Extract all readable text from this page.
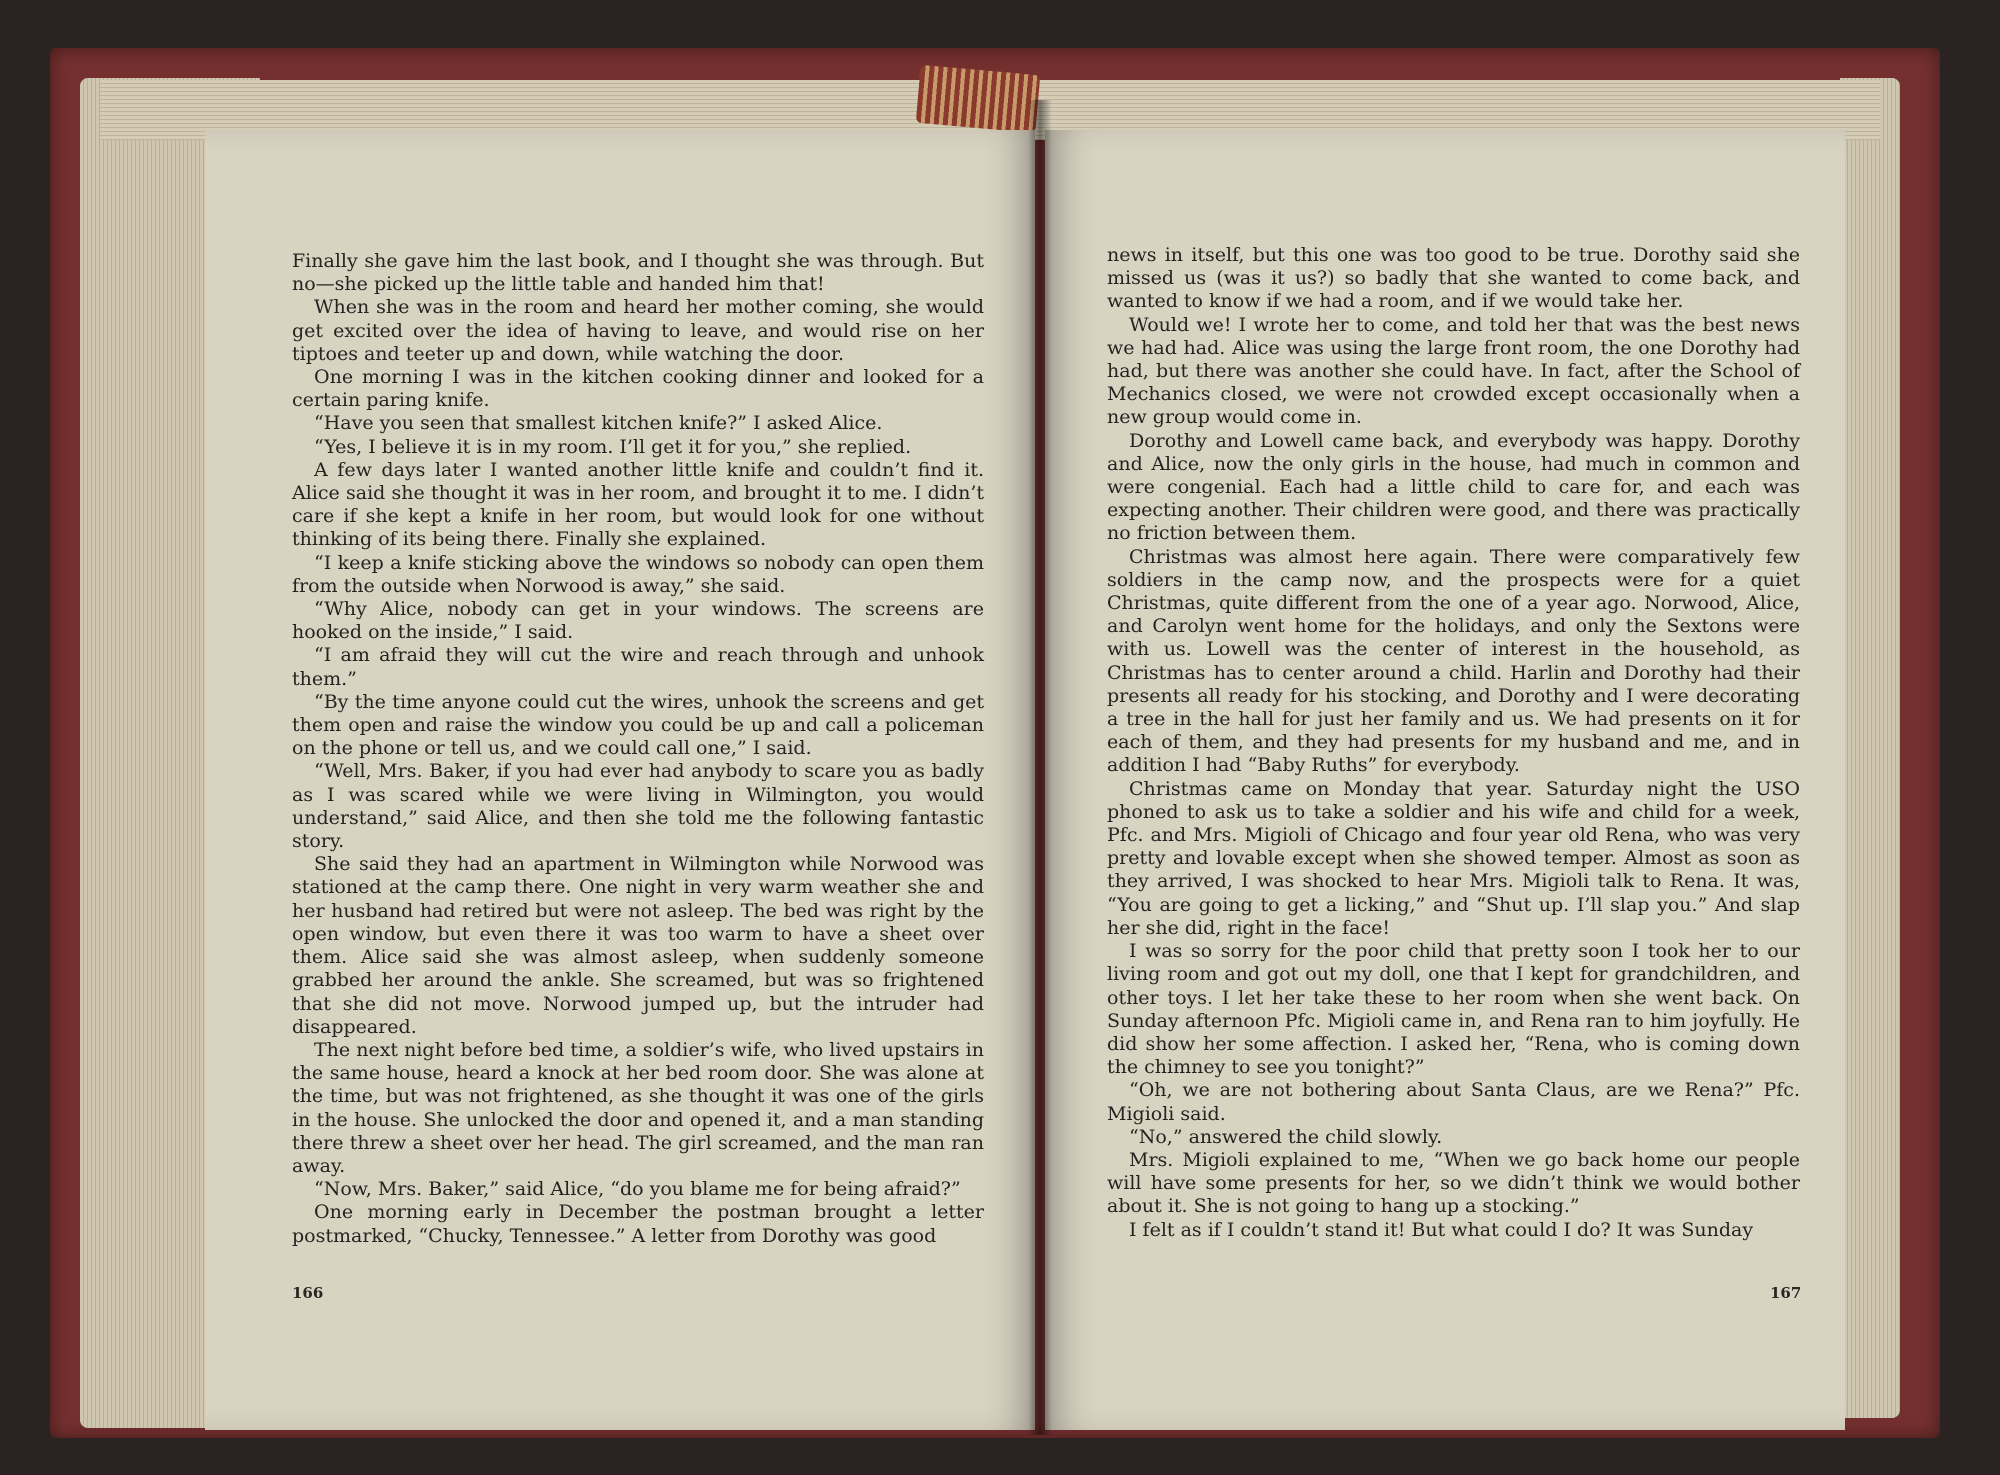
Finally she gave him the last book, and I thought she was through. But no—she picked up the little table and handed him that!

When she was in the room and heard her mother coming, she would get excited over the idea of having to leave, and would rise on her tiptoes and teeter up and down, while watching the door.

One morning I was in the kitchen cooking dinner and looked for a certain paring knife.

“Have you seen that smallest kitchen knife?” I asked Alice.

“Yes, I believe it is in my room. I’ll get it for you,” she replied.

A few days later I wanted another little knife and couldn’t find it. Alice said she thought it was in her room, and brought it to me. I didn’t care if she kept a knife in her room, but would look for one without thinking of its being there. Finally she explained.

“I keep a knife sticking above the windows so nobody can open them from the outside when Norwood is away,” she said.

“Why Alice, nobody can get in your windows. The screens are hooked on the inside,” I said.

“I am afraid they will cut the wire and reach through and unhook them.”

“By the time anyone could cut the wires, unhook the screens and get them open and raise the window you could be up and call a policeman on the phone or tell us, and we could call one,” I said.

“Well, Mrs. Baker, if you had ever had anybody to scare you as badly as I was scared while we were living in Wilmington, you would understand,” said Alice, and then she told me the following fantastic story.

She said they had an apartment in Wilmington while Norwood was stationed at the camp there. One night in very warm weather she and her husband had retired but were not asleep. The bed was right by the open window, but even there it was too warm to have a sheet over them. Alice said she was almost asleep, when suddenly someone grabbed her around the ankle. She screamed, but was so frightened that she did not move. Norwood jumped up, but the intruder had disappeared.

The next night before bed time, a soldier’s wife, who lived upstairs in the same house, heard a knock at her bed room door. She was alone at the time, but was not frightened, as she thought it was one of the girls in the house. She unlocked the door and opened it, and a man standing there threw a sheet over her head. The girl screamed, and the man ran away.

“Now, Mrs. Baker,” said Alice, “do you blame me for being afraid?”

One morning early in December the postman brought a letter postmarked, “Chucky, Tennessee.” A letter from Dorothy was good

166

news in itself, but this one was too good to be true. Dorothy said she missed us (was it us?) so badly that she wanted to come back, and wanted to know if we had a room, and if we would take her.

Would we! I wrote her to come, and told her that was the best news we had had. Alice was using the large front room, the one Dorothy had had, but there was another she could have. In fact, after the School of Mechanics closed, we were not crowded except occasionally when a new group would come in.

Dorothy and Lowell came back, and everybody was happy. Dorothy and Alice, now the only girls in the house, had much in common and were congenial. Each had a little child to care for, and each was expecting another. Their children were good, and there was practically no friction between them.

Christmas was almost here again. There were comparatively few soldiers in the camp now, and the prospects were for a quiet Christmas, quite different from the one of a year ago. Norwood, Alice, and Carolyn went home for the holidays, and only the Sextons were with us. Lowell was the center of interest in the household, as Christmas has to center around a child. Harlin and Dorothy had their presents all ready for his stocking, and Dorothy and I were decorating a tree in the hall for just her family and us. We had presents on it for each of them, and they had presents for my husband and me, and in addition I had “Baby Ruths” for everybody.

Christmas came on Monday that year. Saturday night the USO phoned to ask us to take a soldier and his wife and child for a week, Pfc. and Mrs. Migioli of Chicago and four year old Rena, who was very pretty and lovable except when she showed temper. Almost as soon as they arrived, I was shocked to hear Mrs. Migioli talk to Rena. It was, “You are going to get a licking,” and “Shut up. I’ll slap you.” And slap her she did, right in the face!

I was so sorry for the poor child that pretty soon I took her to our living room and got out my doll, one that I kept for grandchildren, and other toys. I let her take these to her room when she went back. On Sunday afternoon Pfc. Migioli came in, and Rena ran to him joyfully. He did show her some affection. I asked her, “Rena, who is coming down the chimney to see you tonight?”

“Oh, we are not bothering about Santa Claus, are we Rena?” Pfc. Migioli said.

“No,” answered the child slowly.

Mrs. Migioli explained to me, “When we go back home our people will have some presents for her, so we didn’t think we would bother about it. She is not going to hang up a stocking.”

I felt as if I couldn’t stand it! But what could I do? It was Sunday

167
